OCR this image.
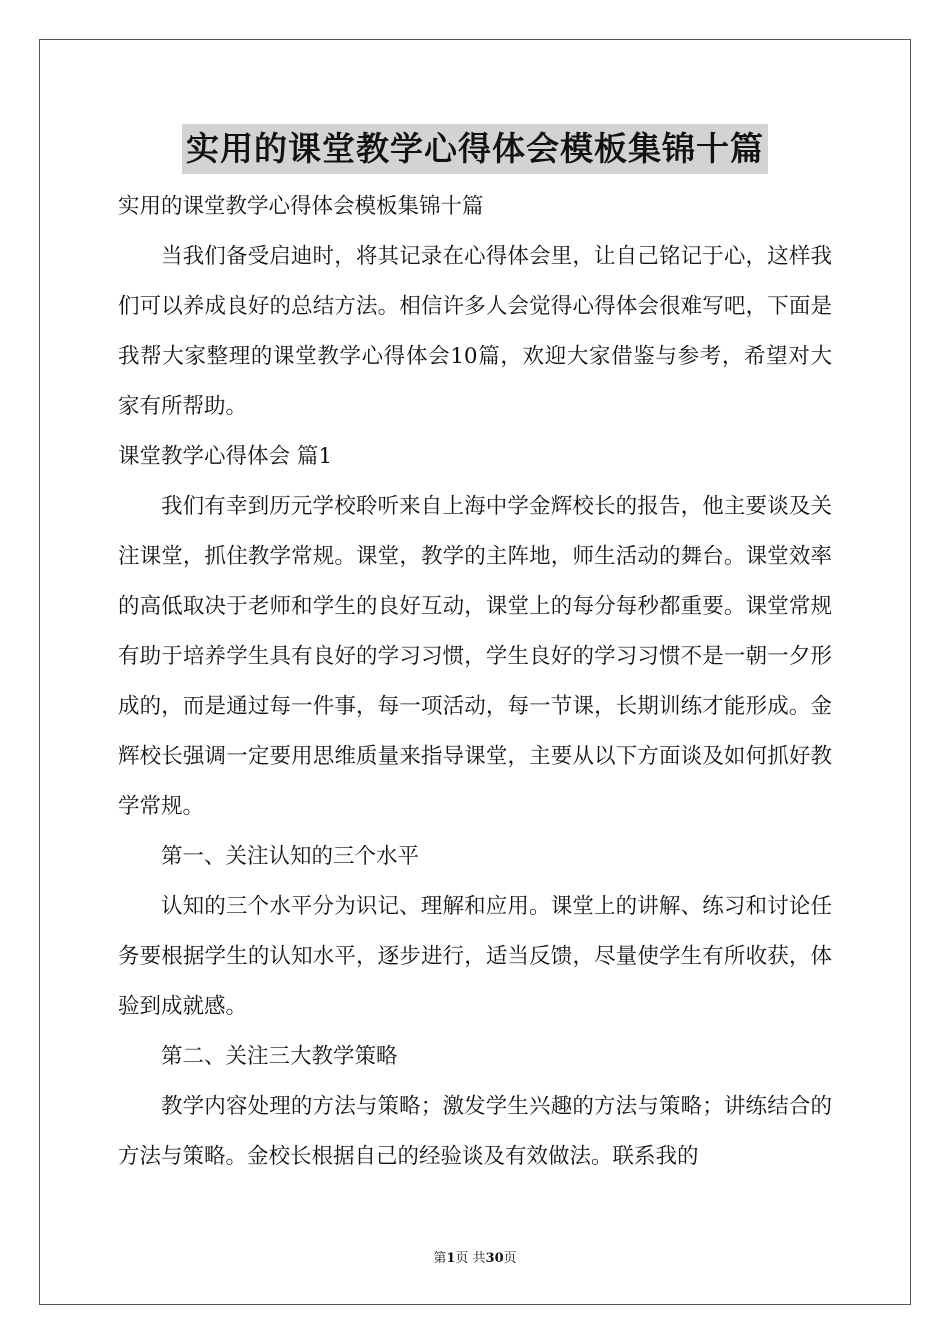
实用的课堂教学心得体会模板集锦十篇

实用的课堂教学心得体会模板集锦十篇

当我们备受启迪时，将其记录在心得体会里，让自己铭记于心，这样我们可以养成良好的总结方法。相信许多人会觉得心得体会很难写吧，下面是我帮大家整理的课堂教学心得体会10篇，欢迎大家借鉴与参考，希望对大家有所帮助。

课堂教学心得体会 篇1

我们有幸到历元学校聆听来自上海中学金辉校长的报告，他主要谈及关注课堂，抓住教学常规。课堂，教学的主阵地，师生活动的舞台。课堂效率的高低取决于老师和学生的良好互动，课堂上的每分每秒都重要。课堂常规有助于培养学生具有良好的学习习惯，学生良好的学习习惯不是一朝一夕形成的，而是通过每一件事，每一项活动，每一节课，长期训练才能形成。金辉校长强调一定要用思维质量来指导课堂，主要从以下方面谈及如何抓好教学常规。

第一、关注认知的三个水平

认知的三个水平分为识记、理解和应用。课堂上的讲解、练习和讨论任务要根据学生的认知水平，逐步进行，适当反馈，尽量使学生有所收获，体验到成就感。

第二、关注三大教学策略

教学内容处理的方法与策略；激发学生兴趣的方法与策略；讲练结合的方法与策略。金校长根据自己的经验谈及有效做法。联系我的

第1页 共30页
